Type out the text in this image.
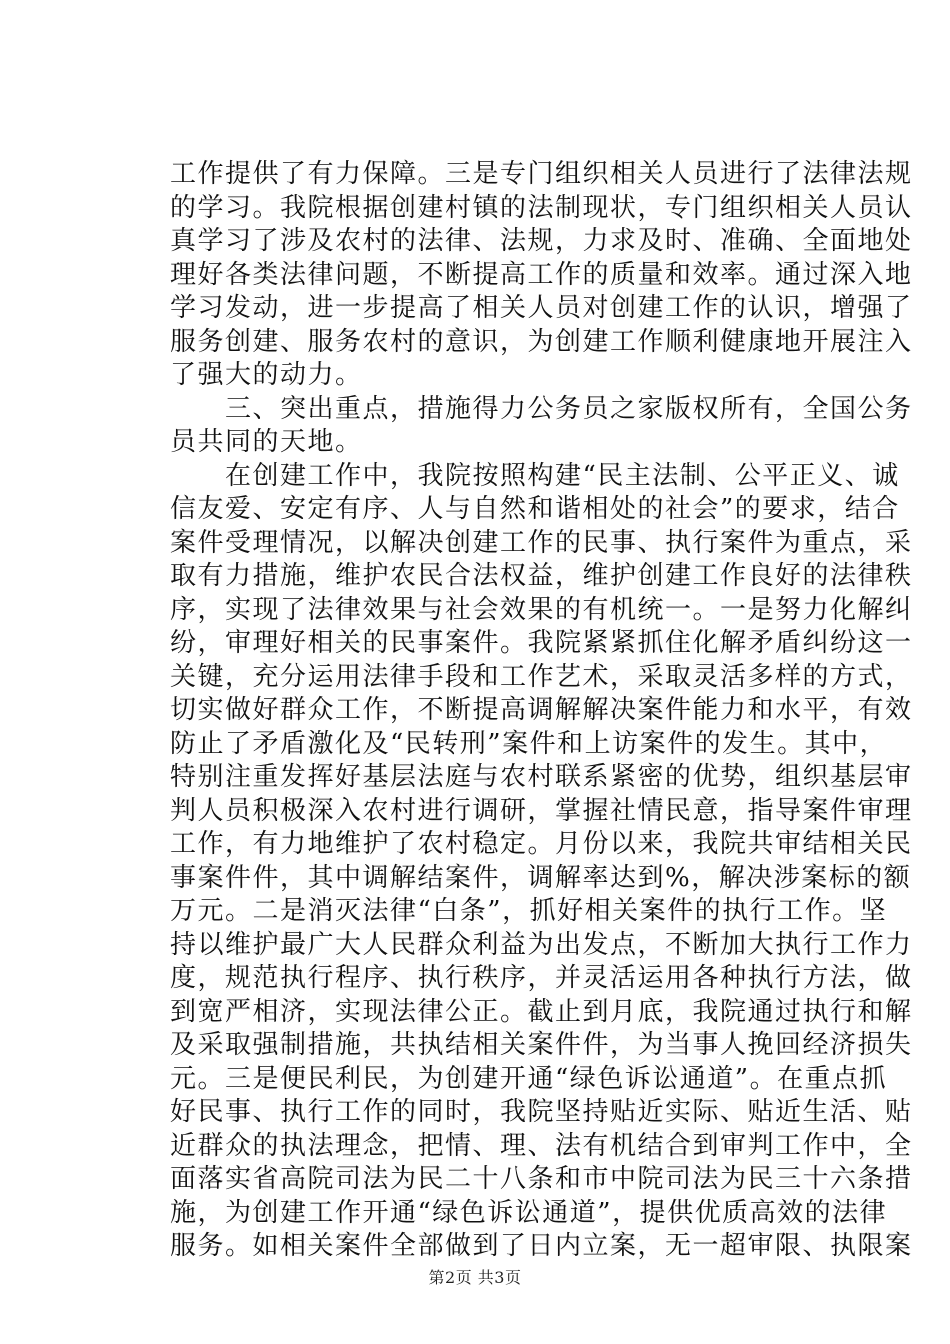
工作提供了有力保障。三是专门组织相关人员进行了法律法规
的学习。我院根据创建村镇的法制现状，专门组织相关人员认
真学习了涉及农村的法律、法规，力求及时、准确、全面地处
理好各类法律问题，不断提高工作的质量和效率。通过深入地
学习发动，进一步提高了相关人员对创建工作的认识，增强了
服务创建、服务农村的意识，为创建工作顺利健康地开展注入
了强大的动力。
　　三、突出重点，措施得力公务员之家版权所有，全国公务
员共同的天地。
　　在创建工作中，我院按照构建“民主法制、公平正义、诚
信友爱、安定有序、人与自然和谐相处的社会”的要求，结合
案件受理情况，以解决创建工作的民事、执行案件为重点，采
取有力措施，维护农民合法权益，维护创建工作良好的法律秩
序，实现了法律效果与社会效果的有机统一。一是努力化解纠
纷，审理好相关的民事案件。我院紧紧抓住化解矛盾纠纷这一
关键，充分运用法律手段和工作艺术，采取灵活多样的方式，
切实做好群众工作，不断提高调解解决案件能力和水平，有效
防止了矛盾激化及“民转刑”案件和上访案件的发生。其中，
特别注重发挥好基层法庭与农村联系紧密的优势，组织基层审
判人员积极深入农村进行调研，掌握社情民意，指导案件审理
工作，有力地维护了农村稳定。月份以来，我院共审结相关民
事案件件，其中调解结案件，调解率达到%，解决涉案标的额
万元。二是消灭法律“白条”，抓好相关案件的执行工作。坚
持以维护最广大人民群众利益为出发点，不断加大执行工作力
度，规范执行程序、执行秩序，并灵活运用各种执行方法，做
到宽严相济，实现法律公正。截止到月底，我院通过执行和解
及采取强制措施，共执结相关案件件，为当事人挽回经济损失
元。三是便民利民，为创建开通“绿色诉讼通道”。在重点抓
好民事、执行工作的同时，我院坚持贴近实际、贴近生活、贴
近群众的执法理念，把情、理、法有机结合到审判工作中，全
面落实省高院司法为民二十八条和市中院司法为民三十六条措
施，为创建工作开通“绿色诉讼通道”，提供优质高效的法律
服务。如相关案件全部做到了日内立案，无一超审限、执限案
第2页 共3页
